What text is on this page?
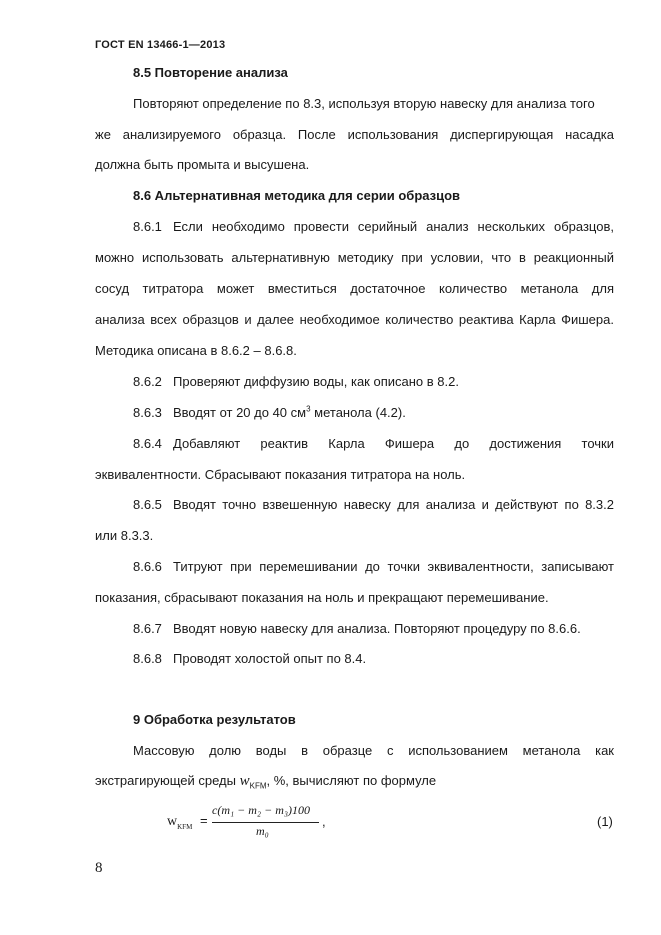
ГОСТ EN 13466-1—2013
8.5 Повторение анализа
Повторяют определение по 8.3, используя вторую навеску для анализа того
же анализируемого образца. После использования диспергирующая насадка
должна быть промыта и высушена.
8.6 Альтернативная методика для серии образцов
8.6.1 Если необходимо провести серийный анализ нескольких образцов,
можно использовать альтернативную методику при условии, что в реакционный
сосуд титратора может вместиться достаточное количество метанола для
анализа всех образцов и далее необходимое количество реактива Карла Фишера.
Методика описана в 8.6.2 – 8.6.8.
8.6.2 Проверяют диффузию воды, как описано в 8.2.
8.6.3 Вводят от 20 до 40 $см^3$ метанола (4.2).
8.6.4 Добавляют реактив Карла Фишера до достижения точки
эквивалентности. Cбрасывают показания титратора на ноль.
8.6.5 Вводят точно взвешенную навеску для анализа и действуют по 8.3.2
или 8.3.3.
8.6.6 Титруют при перемешивании до точки эквивалентности, записывают
показания, сбрасывают показания на ноль и прекращают перемешивание.
8.6.7 Вводят новую навеску для анализа. Повторяют процедуру по 8.6.6.
8.6.8 Проводят холостой опыт по 8.4.
9 Обработка результатов
Массовую долю воды в образце с использованием метанола как
экстрагирующей среды $w_{KFM}$, %, вычисляют по формуле
$w_{KFM}$ =
c(m₁ − m₂ − m₃)100
m₀
,	(1)
8
